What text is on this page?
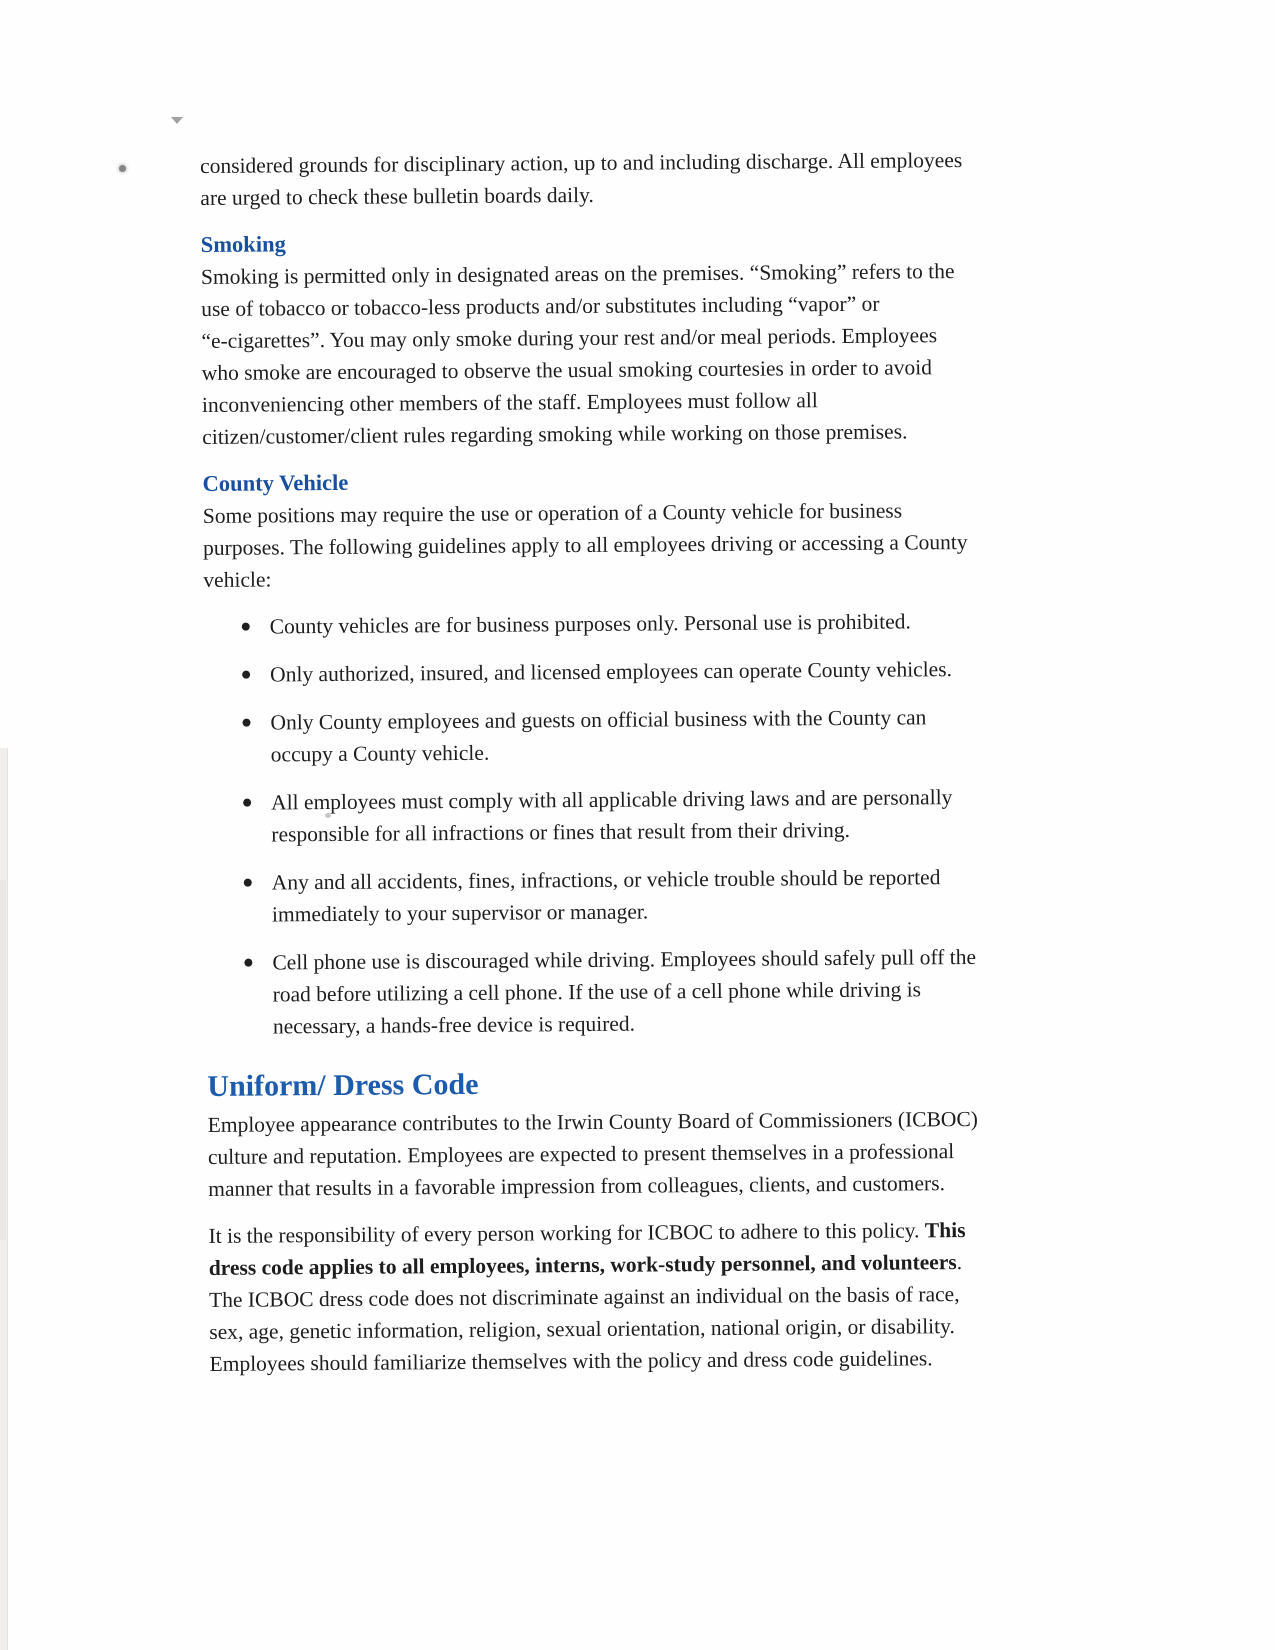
considered grounds for disciplinary action, up to and including discharge. All employees
are urged to check these bulletin boards daily.

Smoking

Smoking is permitted only in designated areas on the premises. “Smoking” refers to the
use of tobacco or tobacco-less products and/or substitutes including “vapor” or
“e-cigarettes”. You may only smoke during your rest and/or meal periods. Employees
who smoke are encouraged to observe the usual smoking courtesies in order to avoid
inconveniencing other members of the staff. Employees must follow all
citizen/customer/client rules regarding smoking while working on those premises.

County Vehicle

Some positions may require the use or operation of a County vehicle for business
purposes. The following guidelines apply to all employees driving or accessing a County
vehicle:

County vehicles are for business purposes only. Personal use is prohibited.
Only authorized, insured, and licensed employees can operate County vehicles.
Only County employees and guests on official business with the County can
occupy a County vehicle.
All employees must comply with all applicable driving laws and are personally
responsible for all infractions or fines that result from their driving.
Any and all accidents, fines, infractions, or vehicle trouble should be reported
immediately to your supervisor or manager.
Cell phone use is discouraged while driving. Employees should safely pull off the
road before utilizing a cell phone. If the use of a cell phone while driving is
necessary, a hands-free device is required.
Uniform/ Dress Code

Employee appearance contributes to the Irwin County Board of Commissioners (ICBOC)
culture and reputation. Employees are expected to present themselves in a professional
manner that results in a favorable impression from colleagues, clients, and customers.

It is the responsibility of every person working for ICBOC to adhere to this policy. This
dress code applies to all employees, interns, work-study personnel, and volunteers.
The ICBOC dress code does not discriminate against an individual on the basis of race,
sex, age, genetic information, religion, sexual orientation, national origin, or disability.
Employees should familiarize themselves with the policy and dress code guidelines.
